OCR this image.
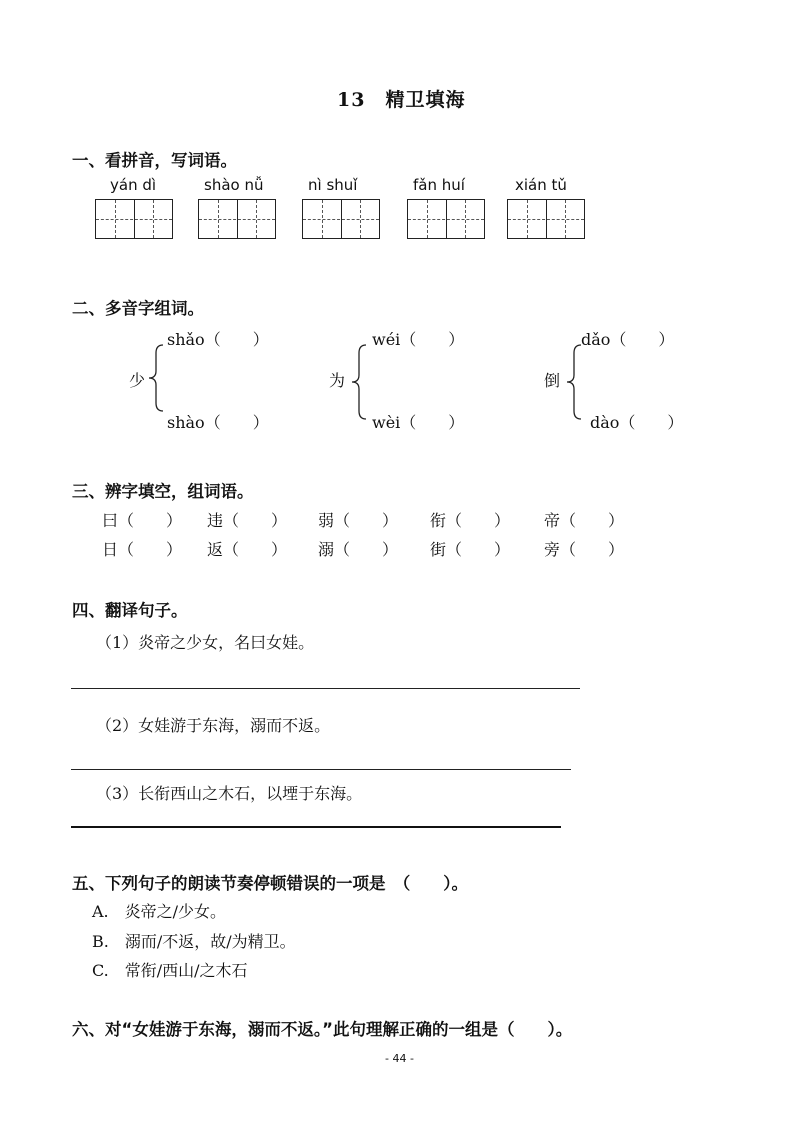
13　精卫填海
一、看拼音，写词语。
yán dì	shào nǚ	nì shuǐ	fǎn huí	xián tǔ
二、多音字组词。
shǎo（　　）
少
shào（　　）
wéi（　　）
为
wèi（　　）
dǎo（　　）
倒
dào（　　）
三、辨字填空，组词语。
曰（　　） 违（　　） 弱（　　） 衔（　　） 帝（　　）
日（　　） 返（　　） 溺（　　） 街（　　） 旁（　　）
四、翻译句子。
（1）炎帝之少女，名曰女娃。
（2）女娃游于东海，溺而不返。
（3）长衔西山之木石，以堙于东海。
五、下列句子的朗读节奏停顿错误的一项是　（　　）。
A.　炎帝之/少女。
B.　溺而/不返，故/为精卫。
C.　常衔/西山/之木石
六、对“女娃游于东海，溺而不返。”此句理解正确的一组是（　　）。
- 44 -
